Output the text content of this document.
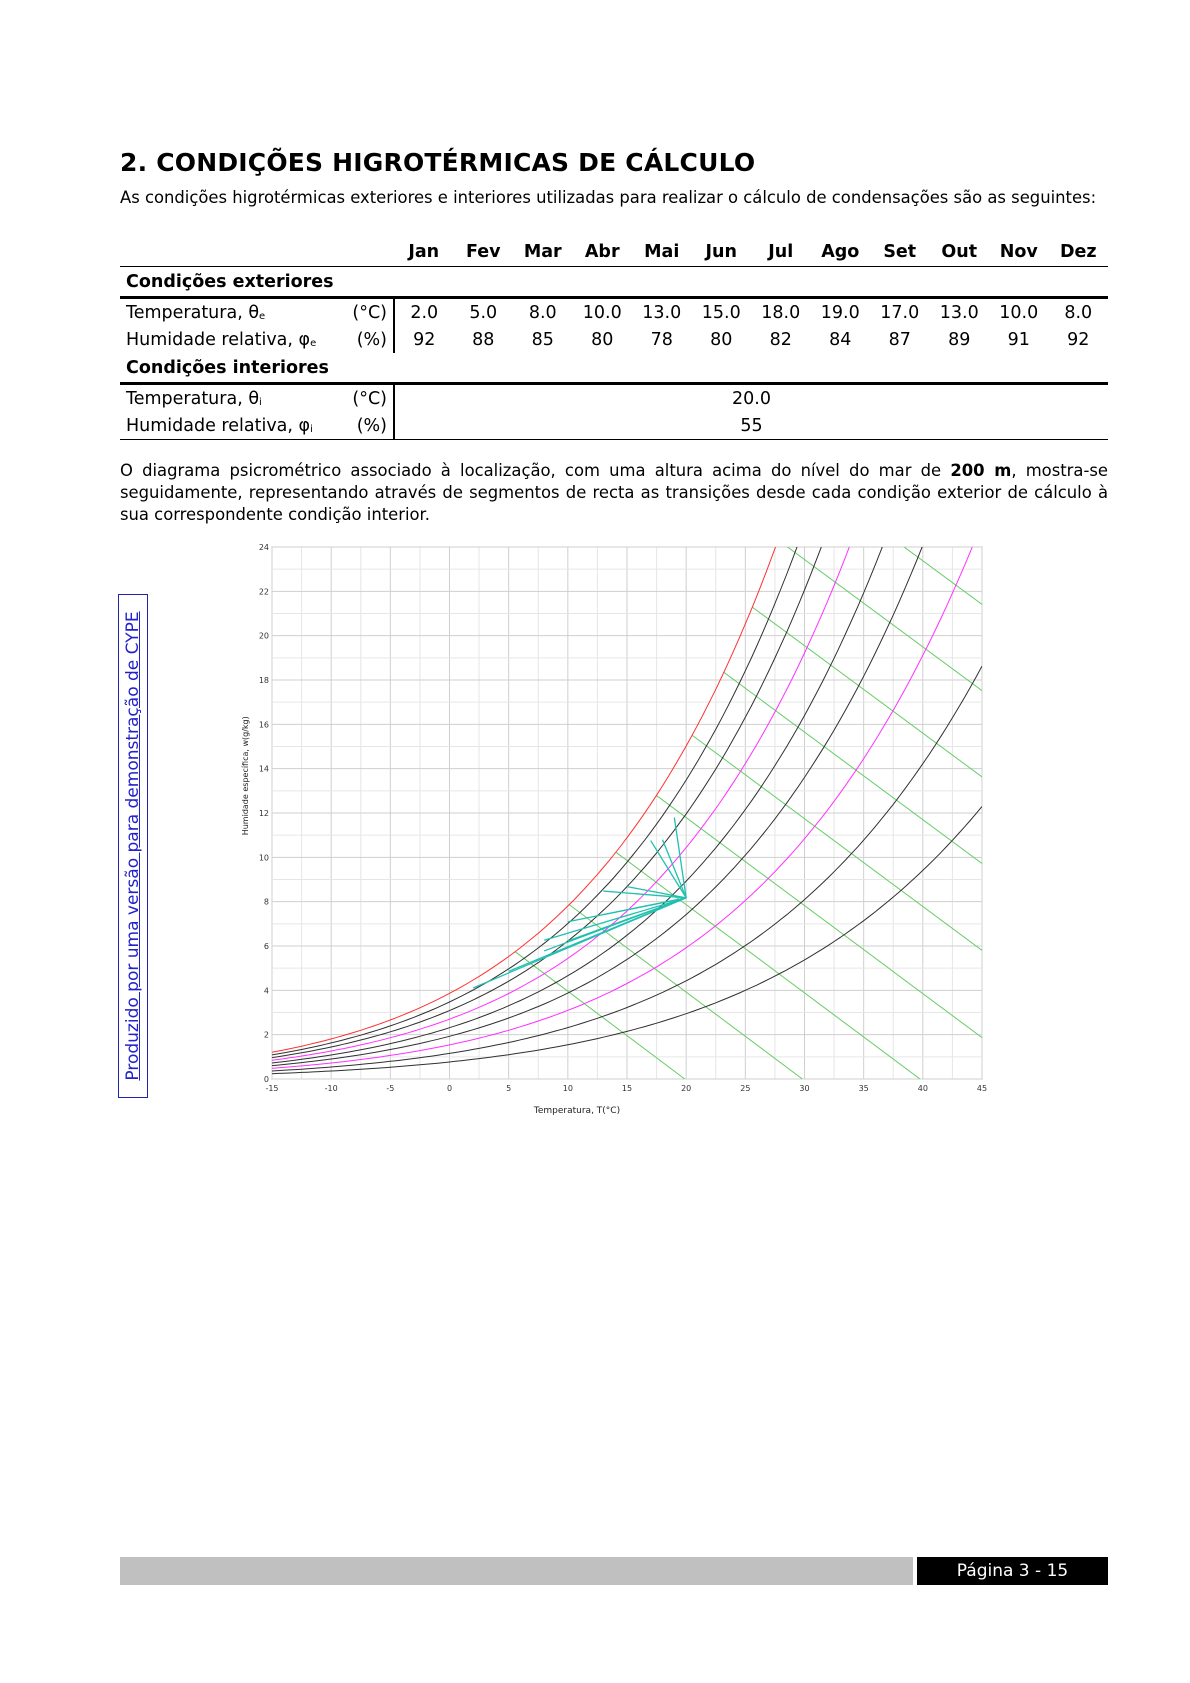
2. CONDIÇÕES HIGROTÉRMICAS DE CÁLCULO

As condições higrotérmicas exteriores e interiores utilizadas para realizar o cálculo de condensações são as seguintes:

		Jan	Fev	Mar	Abr	Mai	Jun	Jul	Ago	Set	Out	Nov	Dez
Condições exteriores													
Temperatura, θe	(°C)	2.0	5.0	8.0	10.0	13.0	15.0	18.0	19.0	17.0	13.0	10.0	8.0
Humidade relativa, φe	(%)	92	88	85	80	78	80	82	84	87	89	91	92
Condições interiores													
Temperatura, θi	(°C)	20.0											
Humidade relativa, φi	(%)	55											

O diagrama psicrométrico associado à localização, com uma altura acima do nível do mar de 200 m, mostra-se seguidamente, representando através de segmentos de recta as transições desde cada condição exterior de cálculo à sua correspondente condição interior.

Produzido por uma versão para demonstração de CYPE
-15	-10	-5	0	5	10	15	20	25	30	35	40	45
0
2
4
6
8
10
12
14
16
18
20
22
24
Temperatura, T(°C)
Humidade específica, w(g/kg)
Página 3 - 15
